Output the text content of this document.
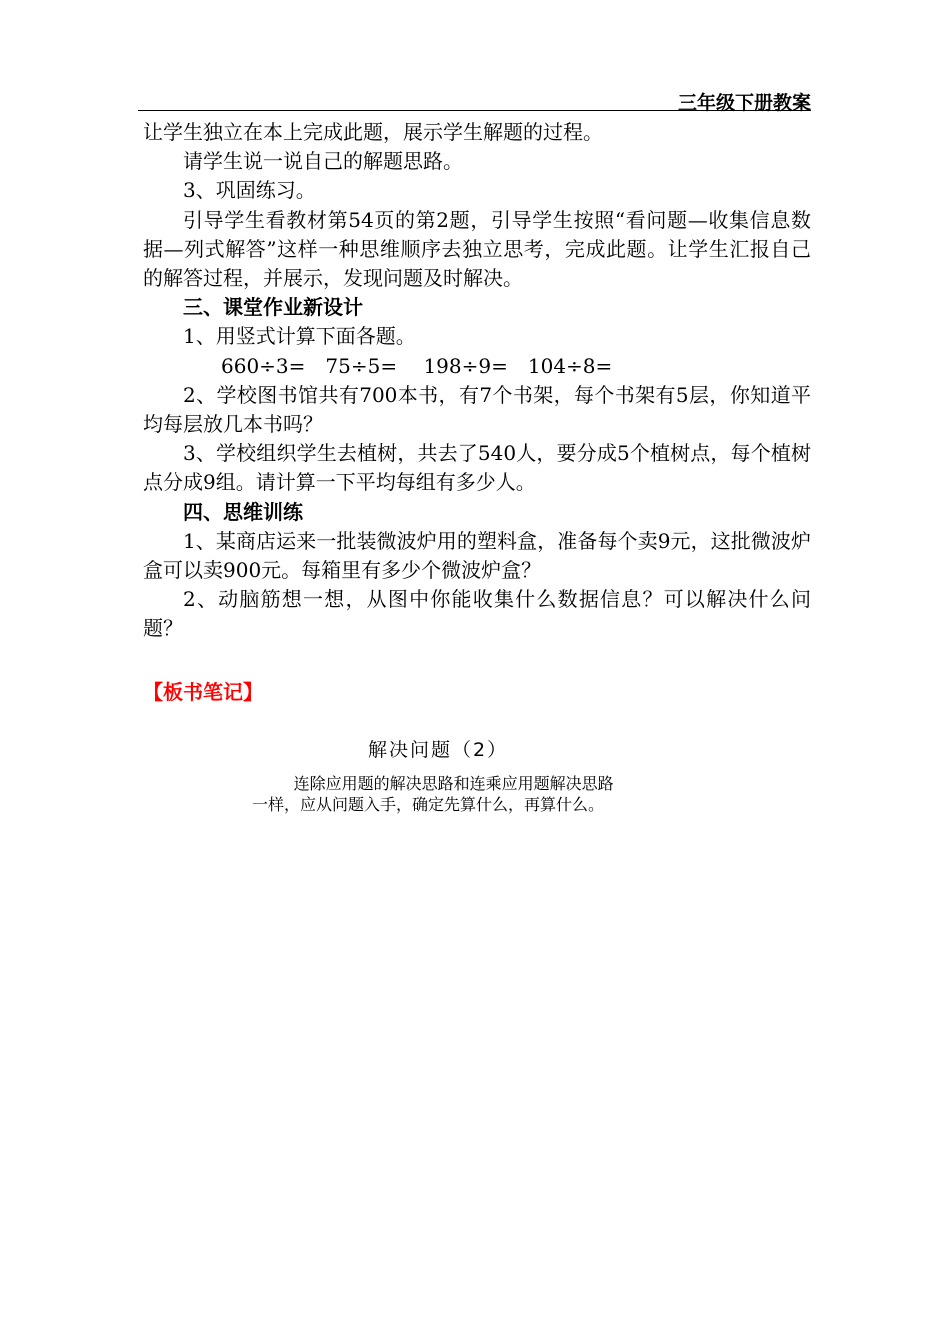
三年级下册教案

让学生独立在本上完成此题，展示学生解题的过程。

请学生说一说自己的解题思路。

3、巩固练习。

引导学生看教材第54页的第2题，引导学生按照“看问题—收集信息数据—列式解答”这样一种思维顺序去独立思考，完成此题。让学生汇报自己的解答过程，并展示，发现问题及时解决。

三、课堂作业新设计

1、用竖式计算下面各题。

660÷3=　75÷5=　 198÷9=　104÷8=

2、学校图书馆共有700本书，有7个书架，每个书架有5层，你知道平均每层放几本书吗？

3、学校组织学生去植树，共去了540人，要分成5个植树点，每个植树点分成9组。请计算一下平均每组有多少人。

四、思维训练

1、某商店运来一批装微波炉用的塑料盒，准备每个卖9元，这批微波炉盒可以卖900元。每箱里有多少个微波炉盒？

2、动脑筋想一想，从图中你能收集什么数据信息？可以解决什么问题？

【板书笔记】
解决问题（2）
连除应用题的解决思路和连乘应用题解决思路一样，应从问题入手，确定先算什么，再算什么。
